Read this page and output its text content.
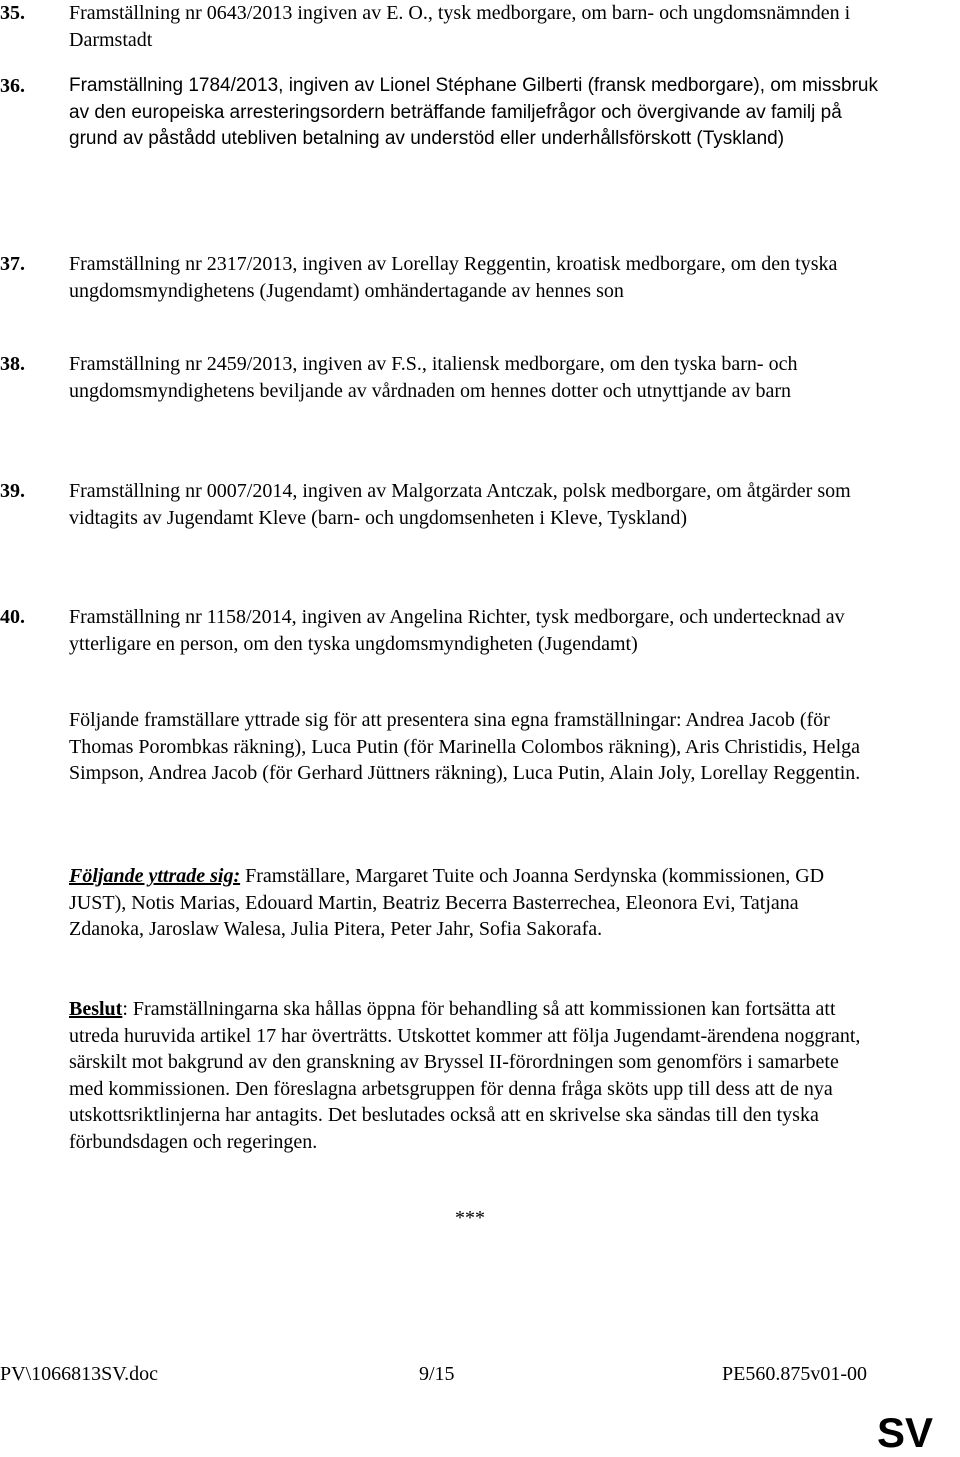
35. Framställning nr 0643/2013 ingiven av E. O., tysk medborgare, om barn- och ungdomsnämnden i Darmstadt
36. Framställning 1784/2013, ingiven av Lionel Stéphane Gilberti (fransk medborgare), om missbruk av den europeiska arresteringsordern beträffande familjefrågor och övergivande av familj på grund av påstådd utebliven betalning av understöd eller underhållsförskott (Tyskland)
37. Framställning nr 2317/2013, ingiven av Lorellay Reggentin, kroatisk medborgare, om den tyska ungdomsmyndighetens (Jugendamt) omhändertagande av hennes son
38. Framställning nr 2459/2013, ingiven av F.S., italiensk medborgare, om den tyska barn- och ungdomsmyndighetens beviljande av vårdnaden om hennes dotter och utnyttjande av barn
39. Framställning nr 0007/2014, ingiven av Malgorzata Antczak, polsk medborgare, om åtgärder som vidtagits av Jugendamt Kleve (barn- och ungdomsenheten i Kleve, Tyskland)
40. Framställning nr 1158/2014, ingiven av Angelina Richter, tysk medborgare, och undertecknad av ytterligare en person, om den tyska ungdomsmyndigheten (Jugendamt)
Följande framställare yttrade sig för att presentera sina egna framställningar: Andrea Jacob (för Thomas Porombkas räkning), Luca Putin (för Marinella Colombos räkning), Aris Christidis, Helga Simpson, Andrea Jacob (för Gerhard Jüttners räkning), Luca Putin, Alain Joly, Lorellay Reggentin.
Följande yttrade sig: Framställare, Margaret Tuite och Joanna Serdynska (kommissionen, GD JUST), Notis Marias, Edouard Martin, Beatriz Becerra Basterrechea, Eleonora Evi, Tatjana Zdanoka, Jaroslaw Walesa, Julia Pitera, Peter Jahr, Sofia Sakorafa.
Beslut: Framställningarna ska hållas öppna för behandling så att kommissionen kan fortsätta att utreda huruvida artikel 17 har överträtts. Utskottet kommer att följa Jugendamt-ärendena noggrant, särskilt mot bakgrund av den granskning av Bryssel II-förordningen som genomförs i samarbete med kommissionen. Den föreslagna arbetsgruppen för denna fråga sköts upp till dess att de nya utskottsriktlinjerna har antagits. Det beslutades också att en skrivelse ska sändas till den tyska förbundsdagen och regeringen.
***
PV\1066813SV.doc	9/15	PE560.875v01-00
SV
